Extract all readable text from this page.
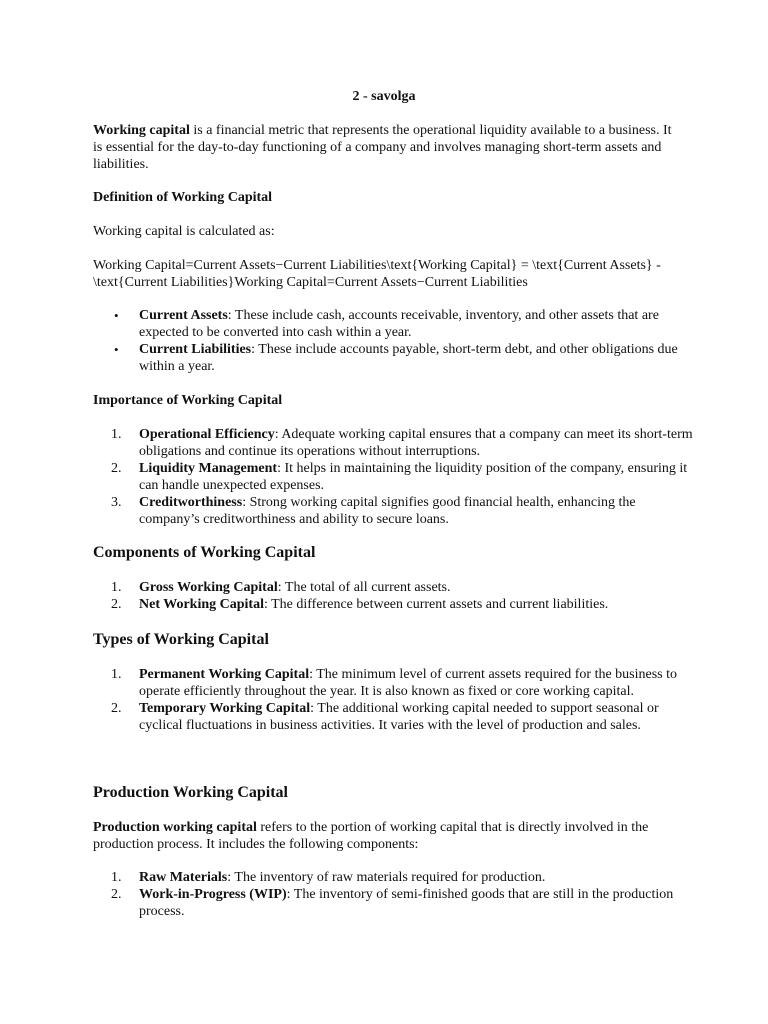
2 - savolga

Working capital is a financial metric that represents the operational liquidity available to a business. It is essential for the day-to-day functioning of a company and involves managing short-term assets and liabilities.

Definition of Working Capital

Working capital is calculated as:

Working Capital=Current Assets−Current Liabilities\text{Working Capital} = \text{Current Assets} - \text{Current Liabilities}Working Capital=Current Assets−Current Liabilities

• Current Assets: These include cash, accounts receivable, inventory, and other assets that are expected to be converted into cash within a year.
• Current Liabilities: These include accounts payable, short-term debt, and other obligations due within a year.

Importance of Working Capital

1. Operational Efficiency: Adequate working capital ensures that a company can meet its short-term obligations and continue its operations without interruptions.
2. Liquidity Management: It helps in maintaining the liquidity position of the company, ensuring it can handle unexpected expenses.
3. Creditworthiness: Strong working capital signifies good financial health, enhancing the company’s creditworthiness and ability to secure loans.
Components of Working Capital
1. Gross Working Capital: The total of all current assets.
2. Net Working Capital: The difference between current assets and current liabilities.
Types of Working Capital
1. Permanent Working Capital: The minimum level of current assets required for the business to operate efficiently throughout the year. It is also known as fixed or core working capital.
2. Temporary Working Capital: The additional working capital needed to support seasonal or cyclical fluctuations in business activities. It varies with the level of production and sales.
Production Working Capital

Production working capital refers to the portion of working capital that is directly involved in the production process. It includes the following components:

1. Raw Materials: The inventory of raw materials required for production.
2. Work-in-Progress (WIP): The inventory of semi-finished goods that are still in the production process.
